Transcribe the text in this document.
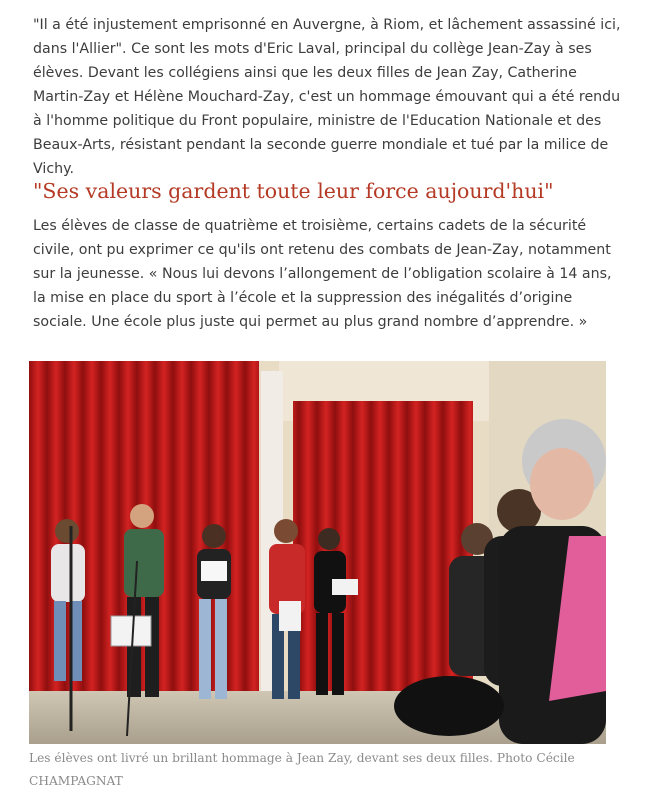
"Il a été injustement emprisonné en Auvergne, à Riom, et lâchement assassiné ici, dans l'Allier". Ce sont les mots d'Eric Laval, principal du collège Jean-Zay à ses élèves. Devant les collégiens ainsi que les deux filles de Jean Zay, Catherine Martin-Zay et Hélène Mouchard-Zay, c'est un hommage émouvant qui a été rendu à l'homme politique du Front populaire, ministre de l'Education Nationale et des Beaux-Arts, résistant pendant la seconde guerre mondiale et tué par la milice de Vichy.

"Ses valeurs gardent toute leur force aujourd'hui"

Les élèves de classe de quatrième et troisième, certains cadets de la sécurité civile, ont pu exprimer ce qu'ils ont retenu des combats de Jean-Zay, notamment sur la jeunesse. « Nous lui devons l’allongement de l’obligation scolaire à 14 ans, la mise en place du sport à l’école et la suppression des inégalités d’origine sociale. Une école plus juste qui permet au plus grand nombre d’apprendre. »

Les élèves ont livré un brillant hommage à Jean Zay, devant ses deux filles. Photo Cécile CHAMPAGNAT
